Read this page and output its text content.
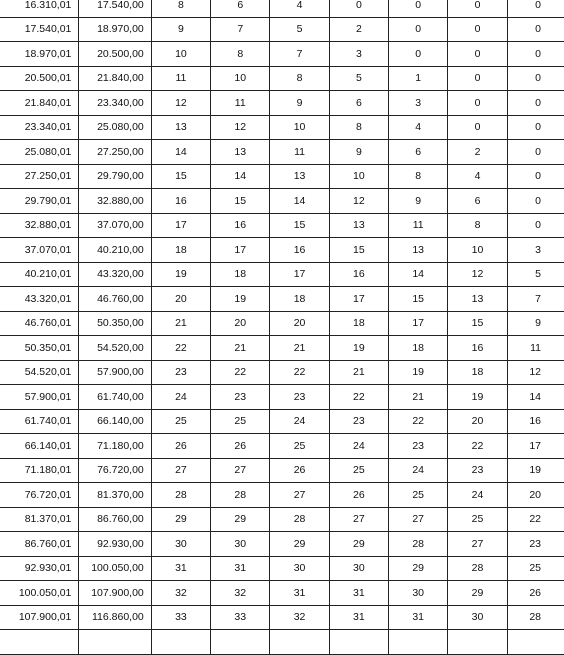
16.310,01	17.540,00	8	6	4	0	0	0	0
17.540,01	18.970,00	9	7	5	2	0	0	0
18.970,01	20.500,00	10	8	7	3	0	0	0
20.500,01	21.840,00	11	10	8	5	1	0	0
21.840,01	23.340,00	12	11	9	6	3	0	0
23.340,01	25.080,00	13	12	10	8	4	0	0
25.080,01	27.250,00	14	13	11	9	6	2	0
27.250,01	29.790,00	15	14	13	10	8	4	0
29.790,01	32.880,00	16	15	14	12	9	6	0
32.880,01	37.070,00	17	16	15	13	11	8	0
37.070,01	40.210,00	18	17	16	15	13	10	3
40.210,01	43.320,00	19	18	17	16	14	12	5
43.320,01	46.760,00	20	19	18	17	15	13	7
46.760,01	50.350,00	21	20	20	18	17	15	9
50.350,01	54.520,00	22	21	21	19	18	16	11
54.520,01	57.900,00	23	22	22	21	19	18	12
57.900,01	61.740,00	24	23	23	22	21	19	14
61.740,01	66.140,00	25	25	24	23	22	20	16
66.140,01	71.180,00	26	26	25	24	23	22	17
71.180,01	76.720,00	27	27	26	25	24	23	19
76.720,01	81.370,00	28	28	27	26	25	24	20
81.370,01	86.760,00	29	29	28	27	27	25	22
86.760,01	92.930,00	30	30	29	29	28	27	23
92.930,01	100.050,00	31	31	30	30	29	28	25
100.050,01	107.900,00	32	32	31	31	30	29	26
107.900,01	116.860,00	33	33	32	31	31	30	28
